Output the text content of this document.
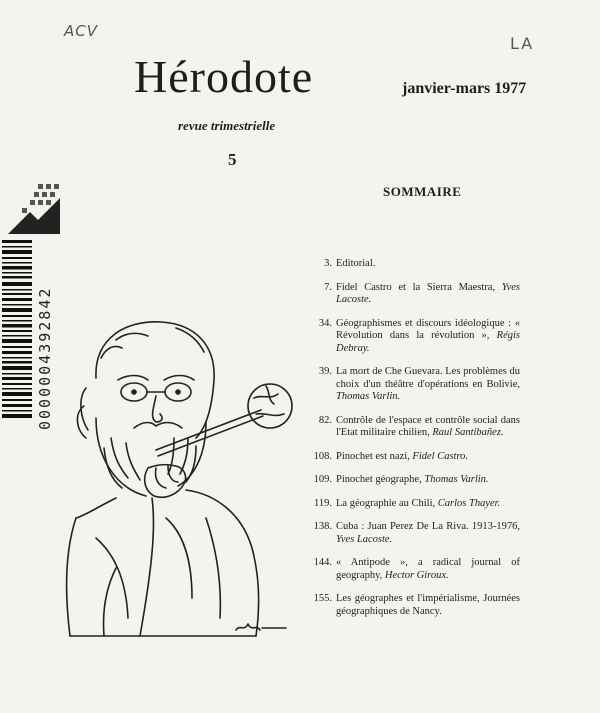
ACV
LA
Hérodote	janvier-mars 1977
revue trimestrielle
5
SOMMAIRE
0000004392842
3. Editorial.
7. Fidel Castro et la Sierra Maestra, Yves Lacoste.
34. Géographismes et discours idéologique : « Révolution dans la révolution », Régis Debray.
39. La mort de Che Guevara. Les problèmes du choix d'un théâtre d'opérations en Bolivie, Thomas Varlin.
82. Contrôle de l'espace et contrôle social dans l'Etat militaire chilien, Raul Santibañez.
108. Pinochet est nazi, Fidel Castro.
109. Pinochet géographe, Thomas Varlin.
119. La géographie au Chili, Carlos Thayer.
138. Cuba : Juan Perez De La Riva. 1913-1976, Yves Lacoste.
144. « Antipode », a radical journal of geography, Hector Giroux.
155. Les géographes et l'impérialisme, Journées géographiques de Nancy.
